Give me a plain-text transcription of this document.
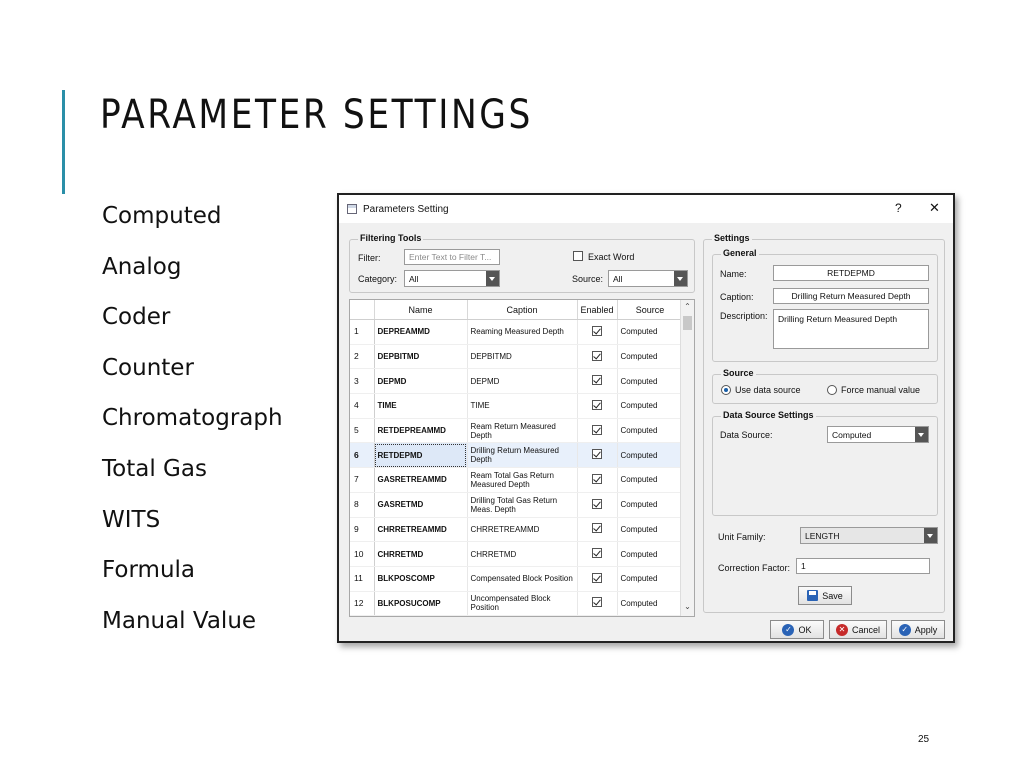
PARAMETER SETTINGS
Computed
Analog
Coder
Counter
Chromatograph
Total Gas
WITS
Formula
Manual Value
25
Parameters Setting	? ✕
Filtering Tools
Filter:	Enter Text to Filter T...	Exact Word
Category:	All	Source:	All
	Name	Caption	Enabled	Source
1	DEPREAMMD	Reaming Measured Depth		Computed
2	DEPBITMD	DEPBITMD		Computed
3	DEPMD	DEPMD		Computed
4	TIME	TIME		Computed
5	RETDEPREAMMD	Ream Return Measured Depth		Computed
6	RETDEPMD	Drilling Return Measured Depth		Computed
7	GASRETREAMMD	Ream Total Gas Return Measured Depth		Computed
8	GASRETMD	Drilling Total Gas Return Meas. Depth		Computed
9	CHRRETREAMMD	CHRRETREAMMD		Computed
10	CHRRETMD	CHRRETMD		Computed
11	BLKPOSCOMP	Compensated Block Position		Computed
12	BLKPOSUCOMP	Uncompensated Block Position		Computed
⌃
⌄
Settings
General
Name:	RETDEPMD
Caption:	Drilling Return Measured Depth
Description:	Drilling Return Measured Depth
Source
Use data source	Force manual value
Data Source Settings
Data Source:	Computed
Unit Family:	LENGTH
Correction Factor:	1
Save
✓ OK	✕ Cancel	✓ Apply
